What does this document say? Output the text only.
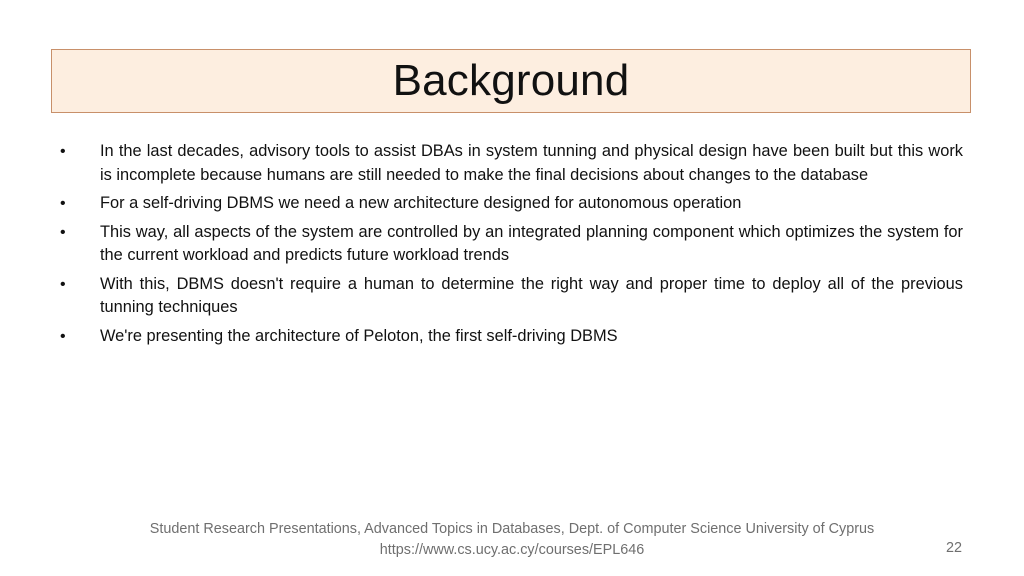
Background
• In the last decades, advisory tools to assist DBAs in system tunning and physical design have been built but this work is incomplete because humans are still needed to make the final decisions about changes to the database
• For a self-driving DBMS we need a new architecture designed for autonomous operation
• This way, all aspects of the system are controlled by an integrated planning component which optimizes the system for the current workload and predicts future workload trends
• With this, DBMS doesn't require a human to determine the right way and proper time to deploy all of the previous tunning techniques
• We're presenting the architecture of Peloton, the first self-driving DBMS
Student Research Presentations, Advanced Topics in Databases, Dept. of Computer Science University of Cyprus
https://www.cs.ucy.ac.cy/courses/EPL646	22
